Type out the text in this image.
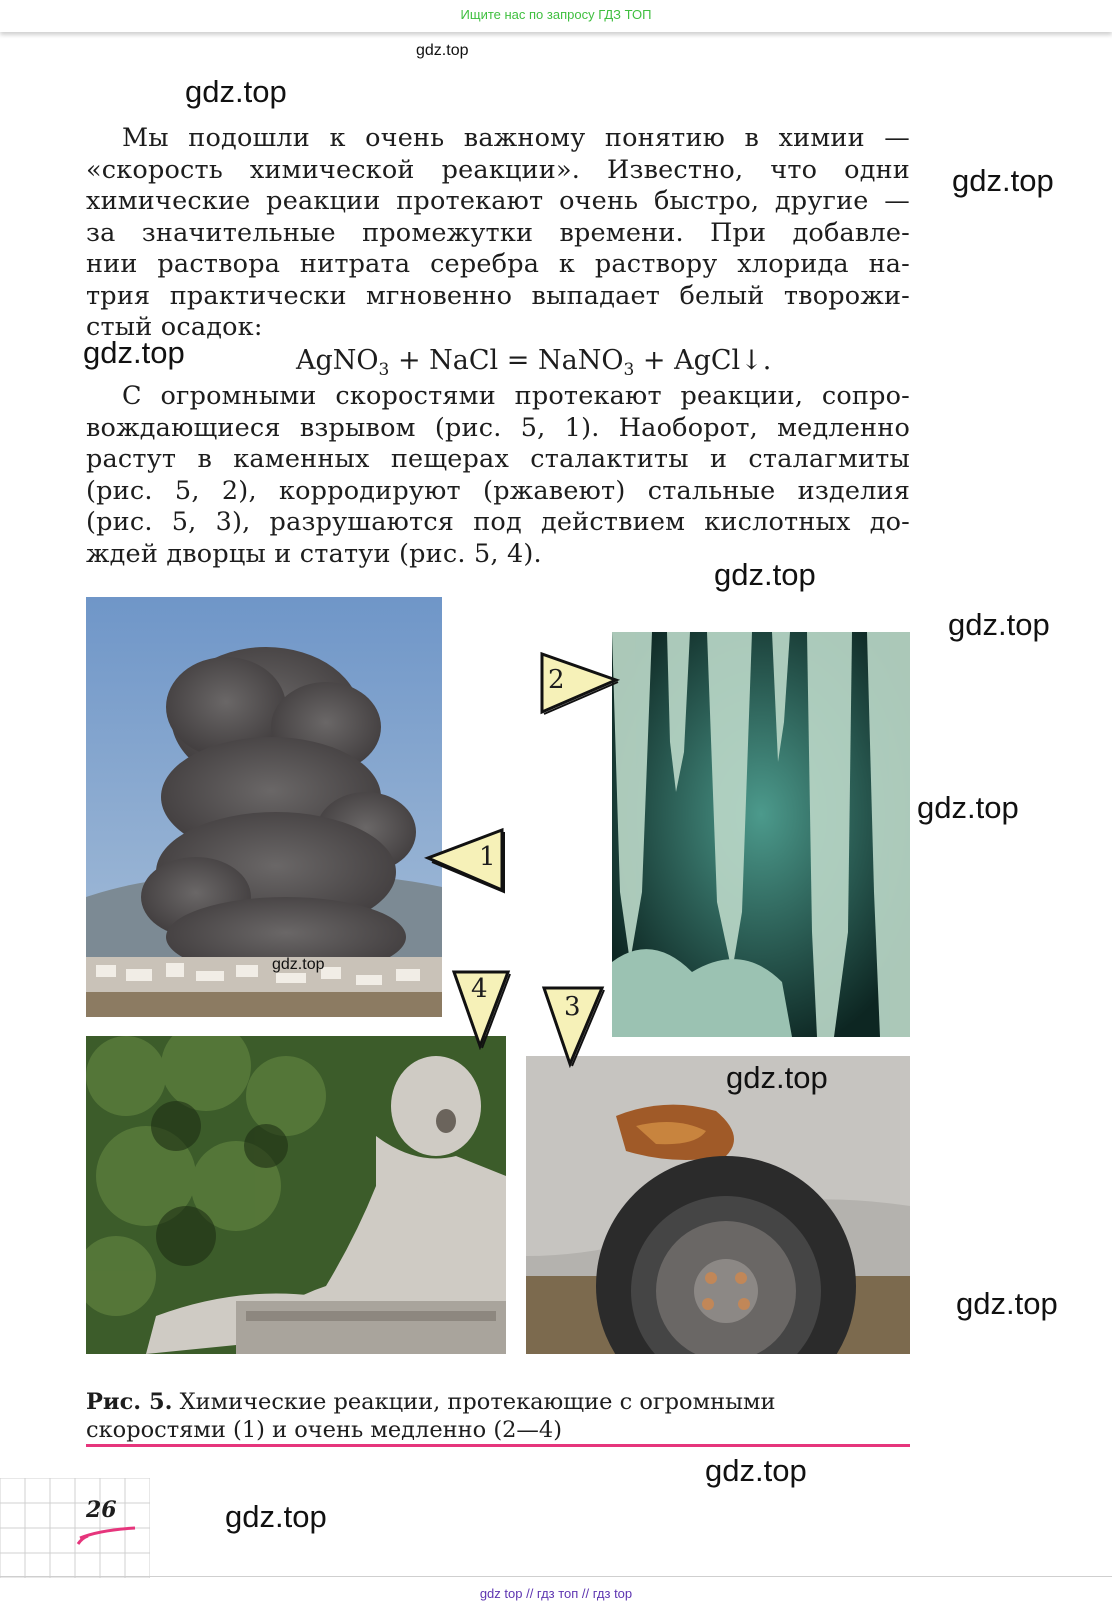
Ищите нас по запросу ГДЗ ТОП
gdz.top
gdz.top
gdz.top
gdz.top
gdz.top
gdz.top
gdz.top
Мы подошли к очень важному понятию в химии —
«скорость химической реакции». Известно, что одни
химические реакции протекают очень быстро, другие —
за значительные промежутки времени. При добавле-
нии раствора нитрата серебра к раствору хлорида на-
трия практически мгновенно выпадает белый творожи-
стый осадок:
AgNO$_3$ + NaCl = NaNO$_3$ + AgCl↓.
С огромными скоростями протекают реакции, сопро-
вождающиеся взрывом (рис. 5, 1). Наоборот, медленно
растут в каменных пещерах сталактиты и сталагмиты
(рис. 5, 2), корродируют (ржавеют) стальные изделия
(рис. 5, 3), разрушаются под действием кислотных до-
ждей дворцы и статуи (рис. 5, 4).
gdz.top
gdz.top
1
2
3
4
gdz.top
Рис. 5. Химические реакции, протекающие с огромными
скоростями (1) и очень медленно (2—4)
gdz.top
gdz.top
26
gdz top // гдз топ // гдз top
